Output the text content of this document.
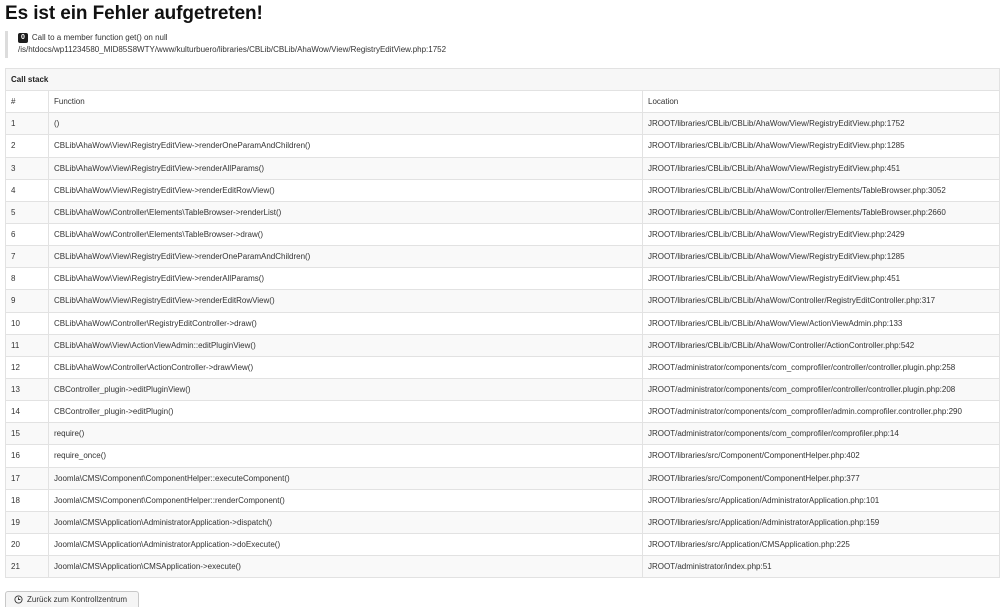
Es ist ein Fehler aufgetreten!
0 Call to a member function get() on null
/is/htdocs/wp11234580_MID85S8WTY/www/kulturbuero/libraries/CBLib/CBLib/AhaWow/View/RegistryEditView.php:1752
Call stack		
#	Function	Location
1	()	JROOT/libraries/CBLib/CBLib/AhaWow/View/RegistryEditView.php:1752
2	CBLib\AhaWow\View\RegistryEditView->renderOneParamAndChildren()	JROOT/libraries/CBLib/CBLib/AhaWow/View/RegistryEditView.php:1285
3	CBLib\AhaWow\View\RegistryEditView->renderAllParams()	JROOT/libraries/CBLib/CBLib/AhaWow/View/RegistryEditView.php:451
4	CBLib\AhaWow\View\RegistryEditView->renderEditRowView()	JROOT/libraries/CBLib/CBLib/AhaWow/Controller/Elements/TableBrowser.php:3052
5	CBLib\AhaWow\Controller\Elements\TableBrowser->renderList()	JROOT/libraries/CBLib/CBLib/AhaWow/Controller/Elements/TableBrowser.php:2660
6	CBLib\AhaWow\Controller\Elements\TableBrowser->draw()	JROOT/libraries/CBLib/CBLib/AhaWow/View/RegistryEditView.php:2429
7	CBLib\AhaWow\View\RegistryEditView->renderOneParamAndChildren()	JROOT/libraries/CBLib/CBLib/AhaWow/View/RegistryEditView.php:1285
8	CBLib\AhaWow\View\RegistryEditView->renderAllParams()	JROOT/libraries/CBLib/CBLib/AhaWow/View/RegistryEditView.php:451
9	CBLib\AhaWow\View\RegistryEditView->renderEditRowView()	JROOT/libraries/CBLib/CBLib/AhaWow/Controller/RegistryEditController.php:317
10	CBLib\AhaWow\Controller\RegistryEditController->draw()	JROOT/libraries/CBLib/CBLib/AhaWow/View/ActionViewAdmin.php:133
11	CBLib\AhaWow\View\ActionViewAdmin::editPluginView()	JROOT/libraries/CBLib/CBLib/AhaWow/Controller/ActionController.php:542
12	CBLib\AhaWow\Controller\ActionController->drawView()	JROOT/administrator/components/com_comprofiler/controller/controller.plugin.php:258
13	CBController_plugin->editPluginView()	JROOT/administrator/components/com_comprofiler/controller/controller.plugin.php:208
14	CBController_plugin->editPlugin()	JROOT/administrator/components/com_comprofiler/admin.comprofiler.controller.php:290
15	require()	JROOT/administrator/components/com_comprofiler/comprofiler.php:14
16	require_once()	JROOT/libraries/src/Component/ComponentHelper.php:402
17	Joomla\CMS\Component\ComponentHelper::executeComponent()	JROOT/libraries/src/Component/ComponentHelper.php:377
18	Joomla\CMS\Component\ComponentHelper::renderComponent()	JROOT/libraries/src/Application/AdministratorApplication.php:101
19	Joomla\CMS\Application\AdministratorApplication->dispatch()	JROOT/libraries/src/Application/AdministratorApplication.php:159
20	Joomla\CMS\Application\AdministratorApplication->doExecute()	JROOT/libraries/src/Application/CMSApplication.php:225
21	Joomla\CMS\Application\CMSApplication->execute()	JROOT/administrator/index.php:51
Zurück zum Kontrollzentrum
